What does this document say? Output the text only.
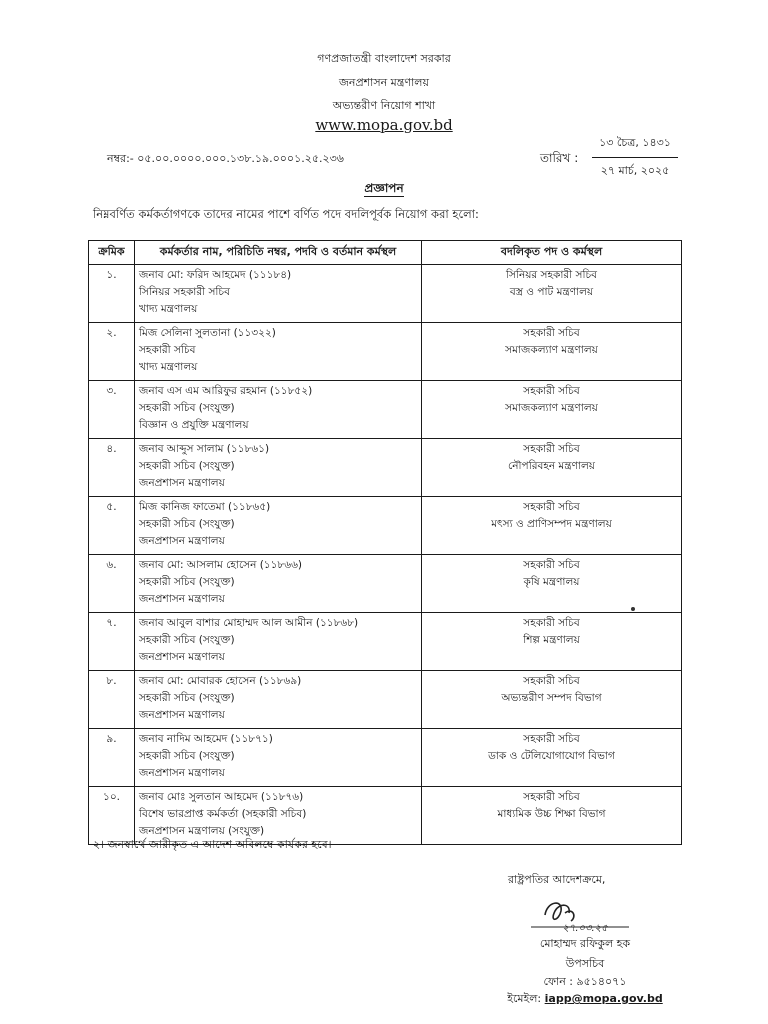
গণপ্রজাতন্ত্রী বাংলাদেশ সরকার
জনপ্রশাসন মন্ত্রণালয়
অভ্যন্তরীণ নিয়োগ শাখা
www.mopa.gov.bd
নম্বর:- ০৫.০০.০০০০.০০০.১৩৮.১৯.০০০১.২৫.২৩৬	তারিখ :
১৩ চৈত্র, ১৪৩১
২৭ মার্চ, ২০২৫
প্রজ্ঞাপন
নিম্নবর্ণিত কর্মকর্তাগণকে তাদের নামের পাশে বর্ণিত পদে বদলিপূর্বক নিয়োগ করা হলো:
ক্রমিক	কর্মকর্তার নাম, পরিচিতি নম্বর, পদবি ও বর্তমান কর্মস্থল	বদলিকৃত পদ ও কর্মস্থল
১.	জনাব মো: ফরিদ আহমেদ (১১১৮৪)
সিনিয়র সহকারী সচিব
খাদ্য মন্ত্রণালয়	সিনিয়র সহকারী সচিব
বস্ত্র ও পাট মন্ত্রণালয়

২.	মিজ সেলিনা সুলতানা (১১৩২২)
সহকারী সচিব
খাদ্য মন্ত্রণালয়	সহকারী সচিব
সমাজকল্যাণ মন্ত্রণালয়

৩.	জনাব এস এম আরিফুর রহমান (১১৮৫২)
সহকারী সচিব (সংযুক্ত)
বিজ্ঞান ও প্রযুক্তি মন্ত্রণালয়	সহকারী সচিব
সমাজকল্যাণ মন্ত্রণালয়

৪.	জনাব আব্দুস সালাম (১১৮৬১)
সহকারী সচিব (সংযুক্ত)
জনপ্রশাসন মন্ত্রণালয়	সহকারী সচিব
নৌপরিবহন মন্ত্রণালয়

৫.	মিজ কানিজ ফাতেমা (১১৮৬৫)
সহকারী সচিব (সংযুক্ত)
জনপ্রশাসন মন্ত্রণালয়	সহকারী সচিব
মৎস্য ও প্রাণিসম্পদ মন্ত্রণালয়

৬.	জনাব মো: আসলাম হোসেন (১১৮৬৬)
সহকারী সচিব (সংযুক্ত)
জনপ্রশাসন মন্ত্রণালয়	সহকারী সচিব
কৃষি মন্ত্রণালয়

৭.	জনাব আবুল বাশার মোহাম্মদ আল আমীন (১১৮৬৮)
সহকারী সচিব (সংযুক্ত)
জনপ্রশাসন মন্ত্রণালয়	সহকারী সচিব
শিল্প মন্ত্রণালয়

৮.	জনাব মো: মোবারক হোসেন (১১৮৬৯)
সহকারী সচিব (সংযুক্ত)
জনপ্রশাসন মন্ত্রণালয়	সহকারী সচিব
অভ্যন্তরীণ সম্পদ বিভাগ

৯.	জনাব নাদিম আহমেদ (১১৮৭১)
সহকারী সচিব (সংযুক্ত)
জনপ্রশাসন মন্ত্রণালয়	সহকারী সচিব
ডাক ও টেলিযোগাযোগ বিভাগ

১০.	জনাব মোঃ সুলতান আহমেদ (১১৮৭৬)
বিশেষ ভারপ্রাপ্ত কর্মকর্তা (সহকারী সচিব)
জনপ্রশাসন মন্ত্রণালয় (সংযুক্ত)	সহকারী সচিব
মাধ্যমিক উচ্চ শিক্ষা বিভাগ
২। জনস্বার্থে জারীকৃত এ আদেশ অবিলম্বে কার্যকর হবে।
রাষ্ট্রপতির আদেশক্রমে,
২৭.০৩.২৫
মোহাম্মদ রফিকুল হক
উপসচিব
ফোন : ৯৫১৪০৭১
ইমেইল: iapp@mopa.gov.bd
